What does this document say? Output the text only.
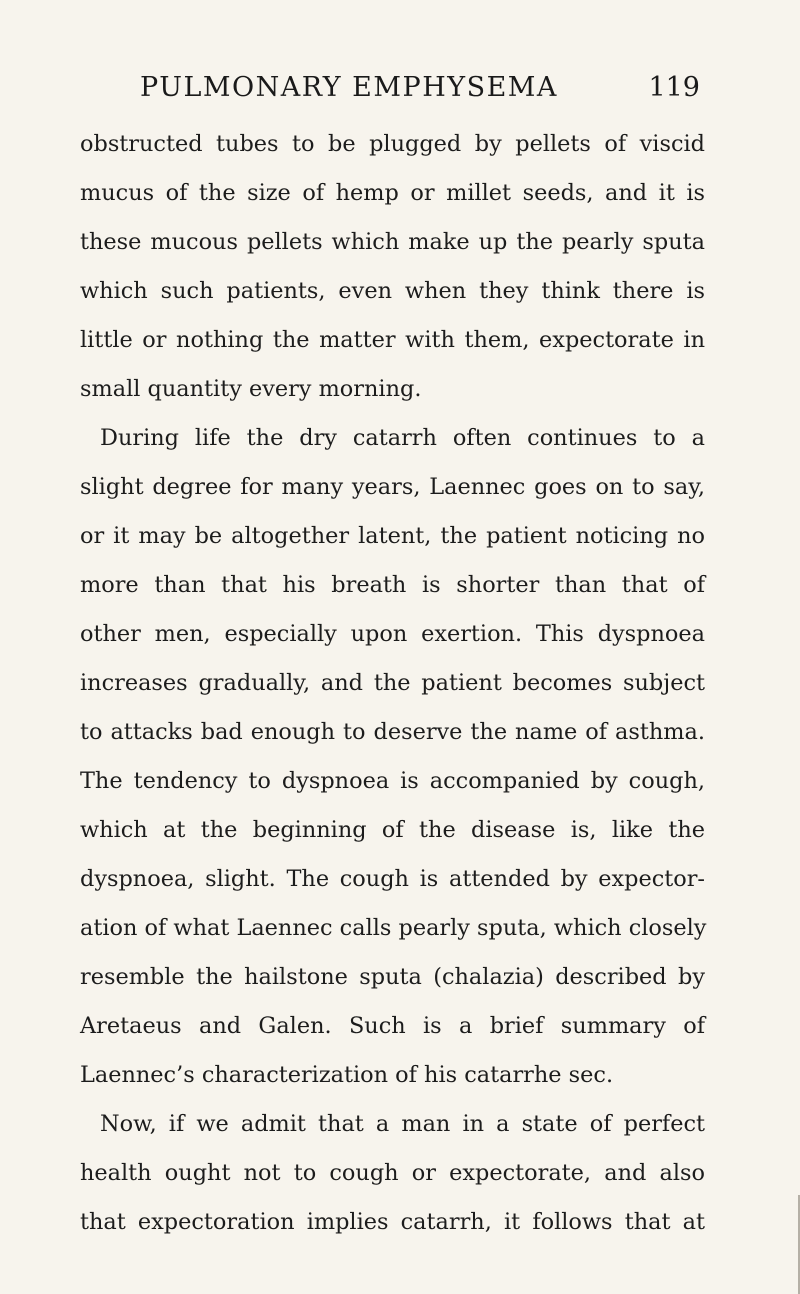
PULMONARY EMPHYSEMA	119
obstructed tubes to be plugged by pellets of viscid
mucus of the size of hemp or millet seeds, and it is
these mucous pellets which make up the pearly sputa
which such patients, even when they think there is
little or nothing the matter with them, expectorate in
small quantity every morning.
During life the dry catarrh often continues to a
slight degree for many years, Laennec goes on to say,
or it may be altogether latent, the patient noticing no
more than that his breath is shorter than that of
other men, especially upon exertion. This dyspnoea
increases gradually, and the patient becomes subject
to attacks bad enough to deserve the name of asthma.
The tendency to dyspnoea is accompanied by cough,
which at the beginning of the disease is, like the
dyspnoea, slight. The cough is attended by expector-
ation of what Laennec calls pearly sputa, which closely
resemble the hailstone sputa (chalazia) described by
Aretaeus and Galen. Such is a brief summary of
Laennec’s characterization of his catarrhe sec.
Now, if we admit that a man in a state of perfect
health ought not to cough or expectorate, and also
that expectoration implies catarrh, it follows that at
